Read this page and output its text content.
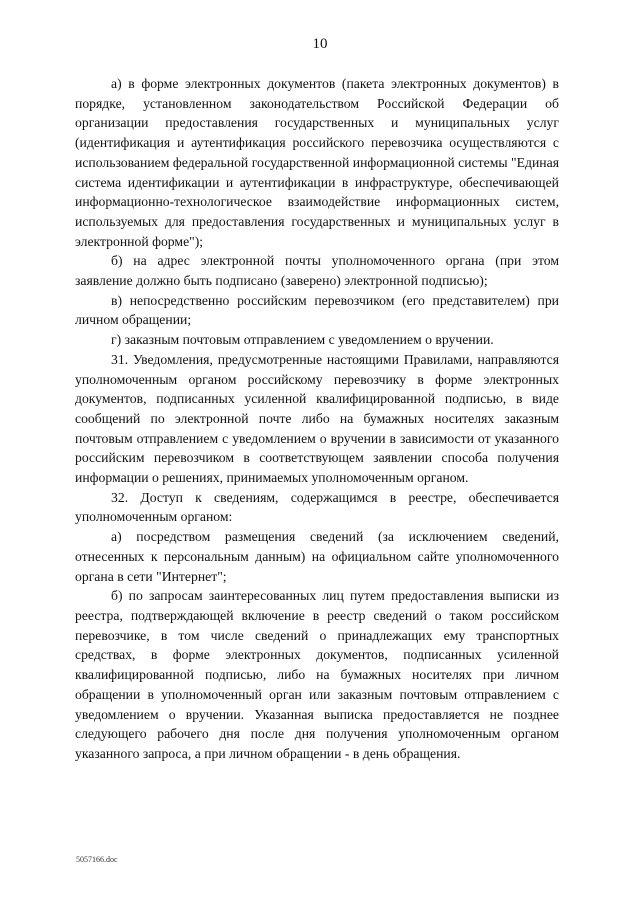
10

а) в форме электронных документов (пакета электронных документов) в порядке, установленном законодательством Российской Федерации об организации предоставления государственных и муниципальных услуг (идентификация и аутентификация российского перевозчика осуществляются с использованием федеральной государственной информационной системы "Единая система идентификации и аутентификации в инфраструктуре, обеспечивающей информационно-технологическое взаимодействие информационных систем, используемых для предоставления государственных и муниципальных услуг в электронной форме");

б) на адрес электронной почты уполномоченного органа (при этом заявление должно быть подписано (заверено) электронной подписью);

в) непосредственно российским перевозчиком (его представителем) при личном обращении;

г) заказным почтовым отправлением с уведомлением о вручении.

31. Уведомления, предусмотренные настоящими Правилами, направляются уполномоченным органом российскому перевозчику в форме электронных документов, подписанных усиленной квалифицированной подписью, в виде сообщений по электронной почте либо на бумажных носителях заказным почтовым отправлением с уведомлением о вручении в зависимости от указанного российским перевозчиком в соответствующем заявлении способа получения информации о решениях, принимаемых уполномоченным органом.

32. Доступ к сведениям, содержащимся в реестре, обеспечивается уполномоченным органом:

а) посредством размещения сведений (за исключением сведений, отнесенных к персональным данным) на официальном сайте уполномоченного органа в сети "Интернет";

б) по запросам заинтересованных лиц путем предоставления выписки из реестра, подтверждающей включение в реестр сведений о таком российском перевозчике, в том числе сведений о принадлежащих ему транспортных средствах, в форме электронных документов, подписанных усиленной квалифицированной подписью, либо на бумажных носителях при личном обращении в уполномоченный орган или заказным почтовым отправлением с уведомлением о вручении. Указанная выписка предоставляется не позднее следующего рабочего дня после дня получения уполномоченным органом указанного запроса, а при личном обращении - в день обращения.

5057166.doc
